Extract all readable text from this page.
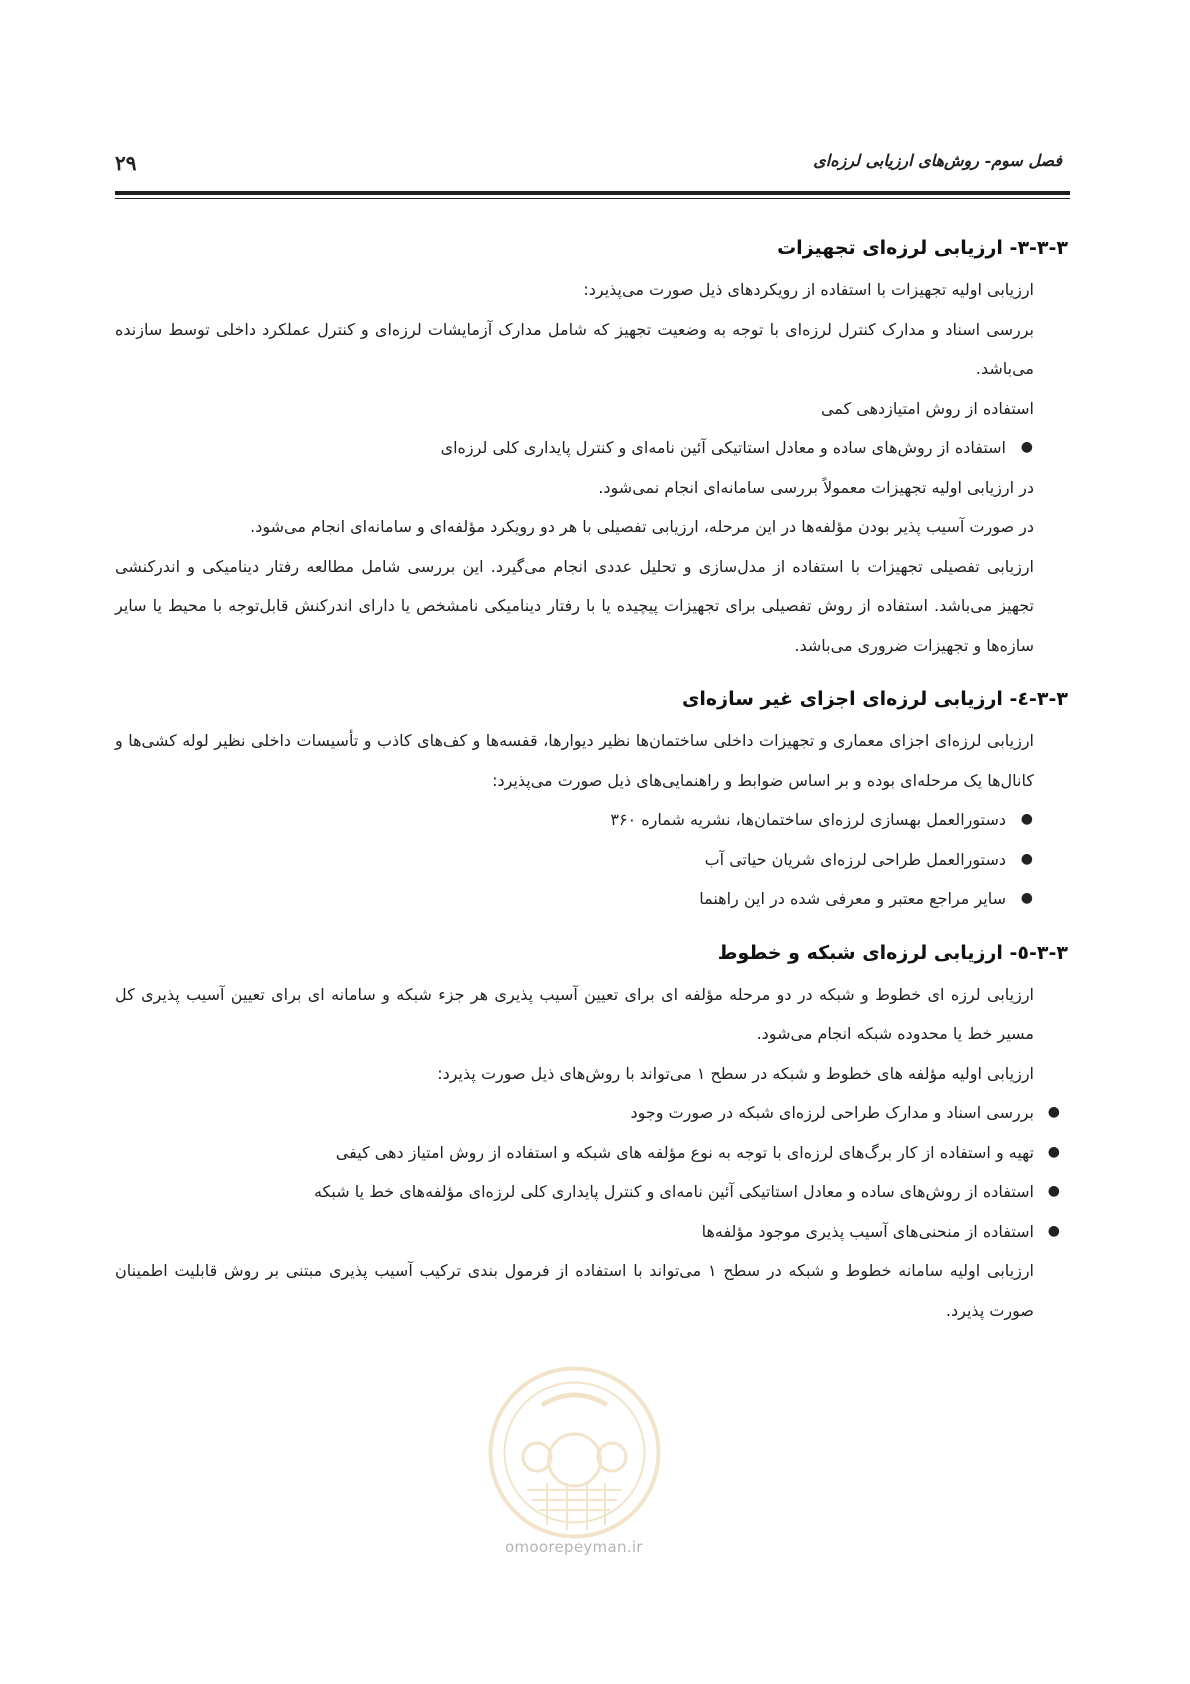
فصل سوم- روش‌های ارزیابی لرزه‌ای
۲۹
۳-۳-۳- ارزیابی لرزه‌ای تجهیزات

ارزیابی اولیه تجهیزات با استفاده از رویکردهای ذیل صورت می‌پذیرد:

بررسی اسناد و مدارک کنترل لرزه‌ای با توجه به وضعیت تجهیز که شامل مدارک آزمایشات لرزه‌ای و کنترل عملکرد داخلی توسط سازنده می‌باشد.

استفاده از روش امتیازدهی کمی

●
استفاده از روش‌های ساده و معادل استاتیکی آئین نامه‌ای و کنترل پایداری کلی لرزه‌ای

در ارزیابی اولیه تجهیزات معمولاً بررسی سامانه‌ای انجام نمی‌شود.

در صورت آسیب پذیر بودن مؤلفه‌ها در این مرحله، ارزیابی تفصیلی با هر دو رویکرد مؤلفه‌ای و سامانه‌ای انجام می‌شود.

ارزیابی تفصیلی تجهیزات با استفاده از مدل‌سازی و تحلیل عددی انجام می‌گیرد. این بررسی شامل مطالعه رفتار دینامیکی و اندرکنشی تجهیز می‌باشد. استفاده از روش تفصیلی برای تجهیزات پیچیده یا با رفتار دینامیکی نامشخص یا دارای اندرکنش قابل‌توجه با محیط یا سایر سازه‌ها و تجهیزات ضروری می‌باشد.

۳-۳-٤- ارزیابی لرزه‌ای اجزای غیر سازه‌ای

ارزیابی لرزه‌ای اجزای معماری و تجهیزات داخلی ساختمان‌ها نظیر دیوارها، قفسه‌ها و کف‌های کاذب و تأسیسات داخلی نظیر لوله کشی‌ها و کانال‌ها یک مرحله‌ای بوده و بر اساس ضوابط و راهنمایی‌های ذیل صورت می‌پذیرد:

●
دستورالعمل بهسازی لرزه‌ای ساختمان‌ها، نشریه شماره ۳۶۰
●
دستورالعمل طراحی لرزه‌ای شریان حیاتی آب
●
سایر مراجع معتبر و معرفی شده در این راهنما
۳-۳-٥- ارزیابی لرزه‌ای شبکه و خطوط

ارزیابی لرزه ای خطوط و شبکه در دو مرحله مؤلفه ای برای تعیین آسیب پذیری هر جزء شبکه و سامانه ای برای تعیین آسیب پذیری کل مسیر خط یا محدوده شبکه انجام می‌شود.

ارزیابی اولیه مؤلفه های خطوط و شبکه در سطح ۱ می‌تواند با روش‌های ذیل صورت پذیرد:

●
بررسی اسناد و مدارک طراحی لرزه‌ای شبکه در صورت وجود
●
تهیه و استفاده از کار برگ‌های لرزه‌ای با توجه به نوع مؤلفه های شبکه و استفاده از روش امتیاز دهی کیفی
●
استفاده از روش‌های ساده و معادل استاتیکی آئین نامه‌ای و کنترل پایداری کلی لرزه‌ای مؤلفه‌های خط یا شبکه
●
استفاده از منحنی‌های آسیب پذیری موجود مؤلفه‌ها

ارزیابی اولیه سامانه خطوط و شبکه در سطح ۱ می‌تواند با استفاده از فرمول بندی ترکیب آسیب پذیری مبتنی بر روش قابلیت اطمینان صورت پذیرد.

omoorepeyman.ir
